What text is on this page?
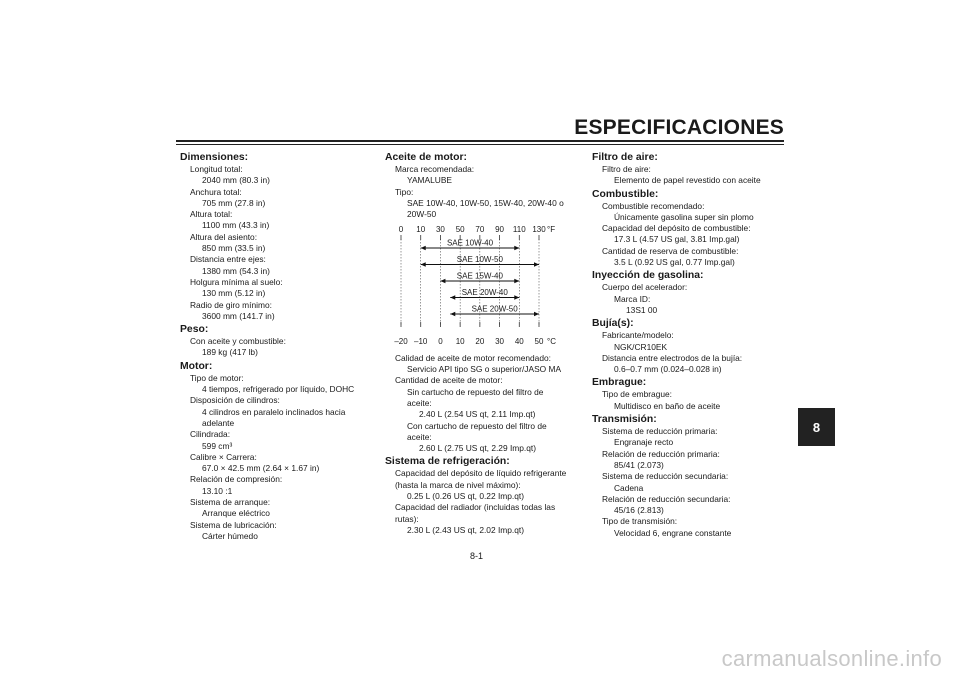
ESPECIFICACIONES
Dimensiones:
Longitud total:
2040 mm (80.3 in)
Anchura total:
705 mm (27.8 in)
Altura total:
1100 mm (43.3 in)
Altura del asiento:
850 mm (33.5 in)
Distancia entre ejes:
1380 mm (54.3 in)
Holgura mínima al suelo:
130 mm (5.12 in)
Radio de giro mínimo:
3600 mm (141.7 in)
Peso:
Con aceite y combustible:
189 kg (417 lb)
Motor:
Tipo de motor:
4 tiempos, refrigerado por líquido, DOHC
Disposición de cilindros:
4 cilindros en paralelo inclinados hacia
adelante
Cilindrada:
599 cm³
Calibre × Carrera:
67.0 × 42.5 mm (2.64 × 1.67 in)
Relación de compresión:
13.10 :1
Sistema de arranque:
Arranque eléctrico
Sistema de lubricación:
Cárter húmedo
Aceite de motor:
Marca recomendada:
YAMALUBE
Tipo:
SAE 10W-40, 10W-50, 15W-40, 20W-40 o
20W-50
–20 –10 0 10 20 30 40 50 °C
0 10 30 50 70 90 110 130 °F
SAE 10W-40
SAE 10W-50
SAE 15W-40
SAE 20W-40
SAE 20W-50
Calidad de aceite de motor recomendado:
Servicio API tipo SG o superior/JASO MA
Cantidad de aceite de motor:
Sin cartucho de repuesto del filtro de
aceite:
2.40 L (2.54 US qt, 2.11 Imp.qt)
Con cartucho de repuesto del filtro de
aceite:
2.60 L (2.75 US qt, 2.29 Imp.qt)
Sistema de refrigeración:
Capacidad del depósito de líquido refrigerante
(hasta la marca de nivel máximo):
0.25 L (0.26 US qt, 0.22 Imp.qt)
Capacidad del radiador (incluidas todas las
rutas):
2.30 L (2.43 US qt, 2.02 Imp.qt)
Filtro de aire:
Filtro de aire:
Elemento de papel revestido con aceite
Combustible:
Combustible recomendado:
Únicamente gasolina super sin plomo
Capacidad del depósito de combustible:
17.3 L (4.57 US gal, 3.81 Imp.gal)
Cantidad de reserva de combustible:
3.5 L (0.92 US gal, 0.77 Imp.gal)
Inyección de gasolina:
Cuerpo del acelerador:
Marca ID:
13S1 00
Bujía(s):
Fabricante/modelo:
NGK/CR10EK
Distancia entre electrodos de la bujía:
0.6–0.7 mm (0.024–0.028 in)
Embrague:
Tipo de embrague:
Multidisco en baño de aceite
Transmisión:
Sistema de reducción primaria:
Engranaje recto
Relación de reducción primaria:
85/41 (2.073)
Sistema de reducción secundaria:
Cadena
Relación de reducción secundaria:
45/16 (2.813)
Tipo de transmisión:
Velocidad 6, engrane constante
8
8-1
carmanualsonline.info
